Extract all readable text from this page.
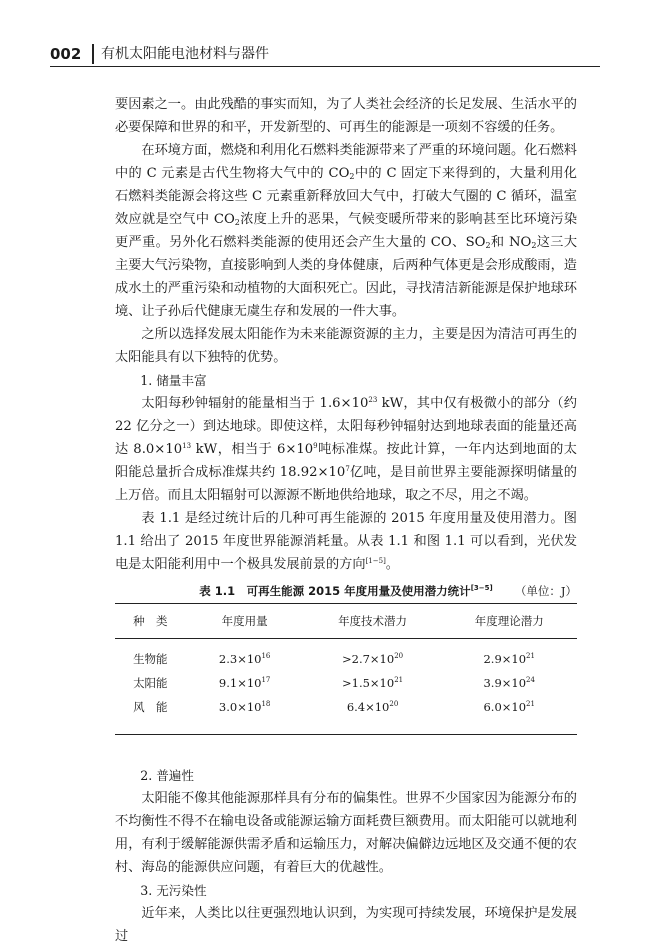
002 有机太阳能电池材料与器件

要因素之一。由此残酷的事实而知，为了人类社会经济的长足发展、生活水平的必要保障和世界的和平，开发新型的、可再生的能源是一项刻不容缓的任务。

在环境方面，燃烧和利用化石燃料类能源带来了严重的环境问题。化石燃料中的 C 元素是古代生物将大气中的 $CO_2$中的 C 固定下来得到的，大量利用化石燃料类能源会将这些 C 元素重新释放回大气中，打破大气圈的 C 循环，温室效应就是空气中 $CO_2$浓度上升的恶果，气候变暖所带来的影响甚至比环境污染更严重。另外化石燃料类能源的使用还会产生大量的 CO、$SO_2$和 $NO_2$这三大主要大气污染物，直接影响到人类的身体健康，后两种气体更是会形成酸雨，造成水土的严重污染和动植物的大面积死亡。因此，寻找清洁新能源是保护地球环境、让子孙后代健康无虞生存和发展的一件大事。

之所以选择发展太阳能作为未来能源资源的主力，主要是因为清洁可再生的太阳能具有以下独特的优势。

1. 储量丰富

太阳每秒钟辐射的能量相当于 $1.6\times 10^{23}$ kW，其中仅有极微小的部分（约 22 亿分之一）到达地球。即使这样，太阳每秒钟辐射达到地球表面的能量还高达 $8.0\times 10^{13}$ kW，相当于 $6\times 10^9$吨标准煤。按此计算，一年内达到地面的太阳能总量折合成标准煤共约 $18.92\times 10^7$亿吨，是目前世界主要能源探明储量的上万倍。而且太阳辐射可以源源不断地供给地球，取之不尽，用之不竭。

表 1.1 是经过统计后的几种可再生能源的 2015 年度用量及使用潜力。图 1.1 给出了 2015 年度世界能源消耗量。从表 1.1 和图 1.1 可以看到，光伏发电是太阳能利用中一个极具发展前景的方向[1−5]。

表 1.1　可再生能源 2015 年度用量及使用潜力统计[3−5]	（单位：J）
种　类	年度用量	年度技术潜力	年度理论潜力
生物能	$2.3\times 10^{16}$	$>2.7\times 10^{20}$	$2.9\times 10^{21}$
太阳能	$9.1\times 10^{17}$	$>1.5\times 10^{21}$	$3.9\times 10^{24}$
风　能	$3.0\times 10^{18}$	$6.4\times 10^{20}$	$6.0\times 10^{21}$

2. 普遍性

太阳能不像其他能源那样具有分布的偏集性。世界不少国家因为能源分布的不均衡性不得不在输电设备或能源运输方面耗费巨额费用。而太阳能可以就地利用，有利于缓解能源供需矛盾和运输压力，对解决偏僻边远地区及交通不便的农村、海岛的能源供应问题，有着巨大的优越性。

3. 无污染性

近年来，人类比以往更强烈地认识到，为实现可持续发展，环境保护是发展过
